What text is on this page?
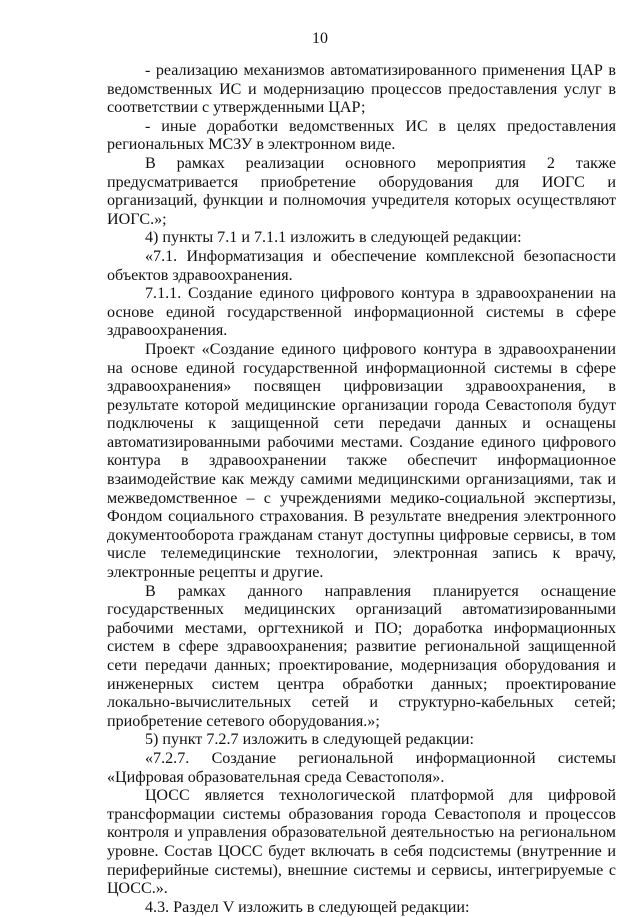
10

- реализацию механизмов автоматизированного применения ЦАР в ведомственных ИС и модернизацию процессов предоставления услуг в соответствии с утвержденными ЦАР;

- иные доработки ведомственных ИС в целях предоставления региональных МСЗУ в электронном виде.

В рамках реализации основного мероприятия 2 также предусматривается приобретение оборудования для ИОГС и организаций, функции и полномочия учредителя которых осуществляют ИОГС.»;

4) пункты 7.1 и 7.1.1 изложить в следующей редакции:

«7.1. Информатизация и обеспечение комплексной безопасности объектов здравоохранения.

7.1.1. Создание единого цифрового контура в здравоохранении на основе единой государственной информационной системы в сфере здравоохранения.

Проект «Создание единого цифрового контура в здравоохранении на основе единой государственной информационной системы в сфере здравоохранения» посвящен цифровизации здравоохранения, в результате которой медицинские организации города Севастополя будут подключены к защищенной сети передачи данных и оснащены автоматизированными рабочими местами. Создание единого цифрового контура в здравоохранении также обеспечит информационное взаимодействие как между самими медицинскими организациями, так и межведомственное – с учреждениями медико-социальной экспертизы, Фондом социального страхования. В результате внедрения электронного документооборота гражданам станут доступны цифровые сервисы, в том числе телемедицинские технологии, электронная запись к врачу, электронные рецепты и другие.

В рамках данного направления планируется оснащение государственных медицинских организаций автоматизированными рабочими местами, оргтехникой и ПО; доработка информационных систем в сфере здравоохранения; развитие региональной защищенной сети передачи данных; проектирование, модернизация оборудования и инженерных систем центра обработки данных; проектирование локально-вычислительных сетей и структурно-кабельных сетей; приобретение сетевого оборудования.»;

5) пункт 7.2.7 изложить в следующей редакции:

«7.2.7. Создание региональной информационной системы «Цифровая образовательная среда Севастополя».

ЦОСС является технологической платформой для цифровой трансформации системы образования города Севастополя и процессов контроля и управления образовательной деятельностью на региональном уровне. Состав ЦОСС будет включать в себя подсистемы (внутренние и периферийные системы), внешние системы и сервисы, интегрируемые с ЦОСС.».

4.3. Раздел V изложить в следующей редакции:
